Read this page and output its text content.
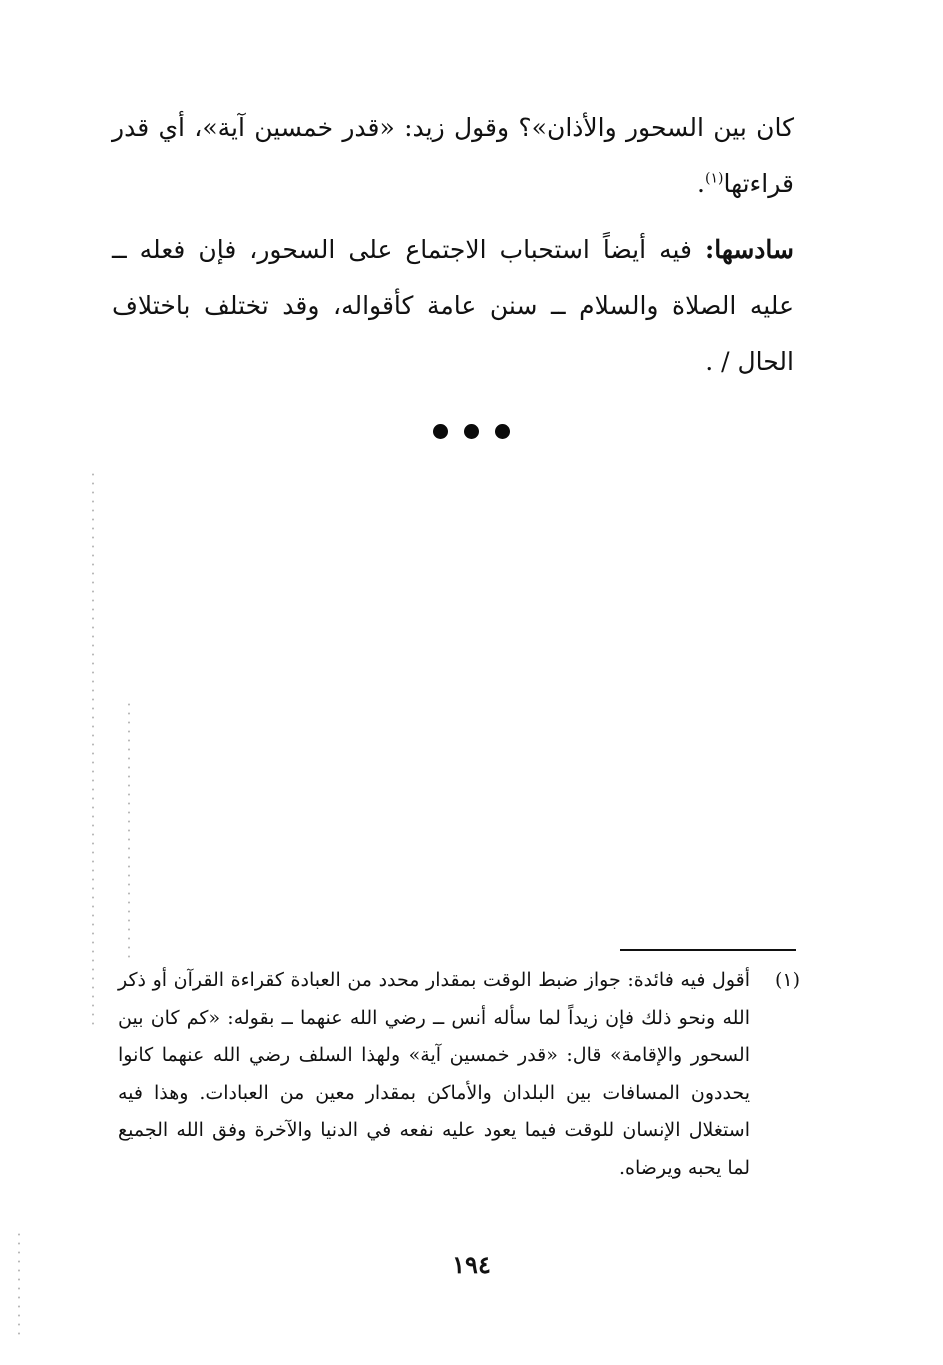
كان بين السحور والأذان»؟ وقول زيد: «قدر خمسين آية»، أي قدر قراءتها$^{(١)}$.

سادسها: فيه أيضاً استحباب الاجتماع على السحور، فإن فعله ــ عليه الصلاة والسلام ــ سنن عامة كأقواله، وقد تختلف باختلاف الحال / .

(١)
أقول فيه فائدة: جواز ضبط الوقت بمقدار محدد من العبادة كقراءة القرآن أو ذكر الله ونحو ذلك فإن زيداً لما سأله أنس ــ رضي الله عنهما ــ بقوله: «كم كان بين السحور والإقامة» قال: «قدر خمسين آية» ولهذا السلف رضي الله عنهما كانوا يحددون المسافات بين البلدان والأماكن بمقدار معين من العبادات. وهذا فيه استغلال الإنسان للوقت فيما يعود عليه نفعه في الدنيا والآخرة وفق الله الجميع لما يحبه ويرضاه.
١٩٤
